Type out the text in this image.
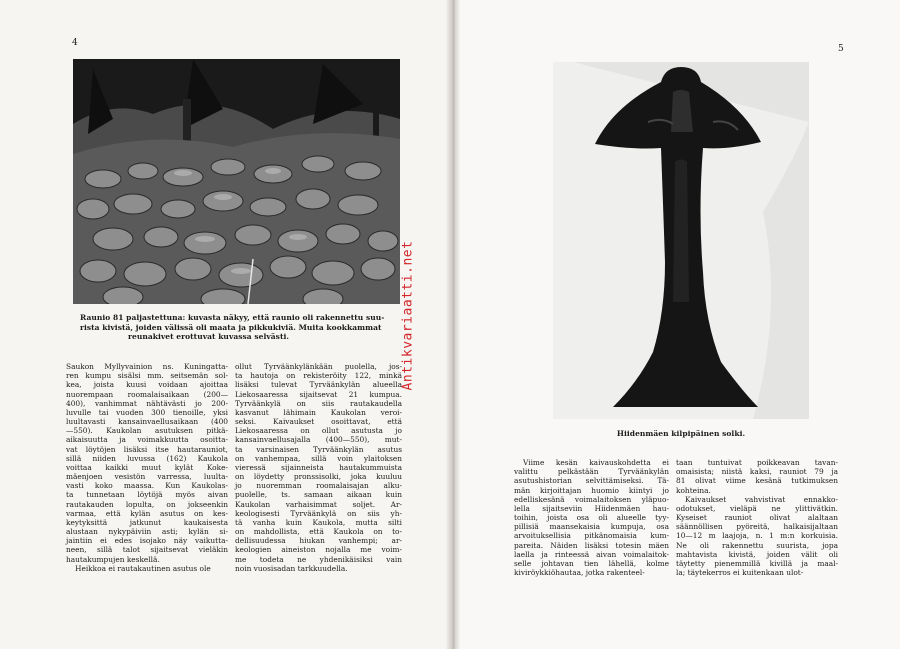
4
Raunio 81 paljastettuna: kuvasta näkyy, että raunio oli rakennettu suu-
rista kivistä, joiden välissä oli maata ja pikkukiviä. Muita kookkammat
reunakivet erottuvat kuvassa selvästi.

Saukon Myllyvainion ns. Kuningatta-

ren kumpu sisälsi mm. seitsemän sol-

kea, joista kuusi voidaan ajoittaa

nuorempaan roomalaisaikaan (200—

400), vanhimmat nähtävästi jo 200-

luvulle tai vuoden 300 tienoille, yksi

luultavasti kansainvaellusaikaan (400

—550). Kaukolan asutuksen pitkä-

aikaisuutta ja voimakkuutta osoitta-

vat löytöjen lisäksi itse hautarauniot,

sillä niiden luvussa (162) Kaukola

voittaa kaikki muut kylät Koke-

mäenjoen vesistön varressa, luulta-

vasti koko maassa. Kun Kaukolas-

ta tunnetaan löytöjä myös aivan

rautakauden lopulta, on jokseenkin

varmaa, että kylän asutus on kes-

keytyksittä jatkunut kaukaisesta

alustaan nykypäiviin asti; kylän si-

jaintiin ei edes isojako näy vaikutta-

neen, sillä talot sijaitsevat vieläkin

hautakumpujen keskellä.

Heikkoa ei rautakautinen asutus ole

ollut Tyrväänkylänkään puolella, jos-

ta hautoja on rekisteröity 122, minkä

lisäksi tulevat Tyrväänkylän alueella

Liekosaaressa sijaitsevat 21 kumpua.

Tyrväänkylä on siis rautakaudella

kasvanut lähimain Kaukolan veroi-

seksi. Kaivaukset osoittavat, että

Liekosaaressa on ollut asutusta jo

kansainvaellusajalla (400—550), mut-

ta varsinaisen Tyrväänkylän asutus

on vanhempaa, sillä voin ylaitoksen

vieressä sijainneista hautakummuista

on löydetty pronssisolki, joka kuuluu

jo nuoremman roomalaisajan alku-

puolelle, ts. samaan aikaan kuin

Kaukolan varhaisimmat soljet. Ar-

keologisesti Tyrväänkylä on siis yh-

tä vanha kuin Kaukola, mutta silti

on mahdollista, että Kaukola on to-

dellisuudessa hiukan vanhempi; ar-

keologien aineiston nojalla me voim-

me todeta ne yhdenikäisiksi vain

noin vuosisadan tarkkuudella.

5
Hiidenmäen kilpipäinen solki.

Viime kesän kaivauskohdetta ei

valittu pelkästään Tyrväänkylän

asutushistorian selvittämiseksi. Tä-

män kirjoittajan huomio kiintyi jo

edelliskesänä voimalaitoksen yläpuo-

lella sijaitseviin Hiidenmäen hau-

toihin, joista osa oli alueelle tyy-

pillisiä maansekaisia kumpuja, osa

arvoituksellisia pitkänomaisia kum-

pareita. Näiden lisäksi totesin mäen

laella ja rinteessä aivan voimalaitok-

selle johtavan tien lähellä, kolme

kiviröykkiöhautaa, jotka rakenteel-

taan tuntuivat poikkeavan tavan-

omaisista; niistä kaksi, rauniot 79 ja

81 olivat viime kesänä tutkimuksen

kohteina.

Kaivaukset vahvistivat ennakko-

odotukset, vieläpä ne ylittivätkin.

Kyseiset rauniot olivat alaltaan

säännöllisen pyöreitä, halkaisijaltaan

10—12 m laajoja, n. 1 m:n korkuisia.

Ne oli rakennettu suurista, jopa

mahtavista kivistä, joiden välit oli

täytetty pienemmillä kivillä ja maal-

la; täytekerros ei kuitenkaan ulot-

Antikvariaatti.net
